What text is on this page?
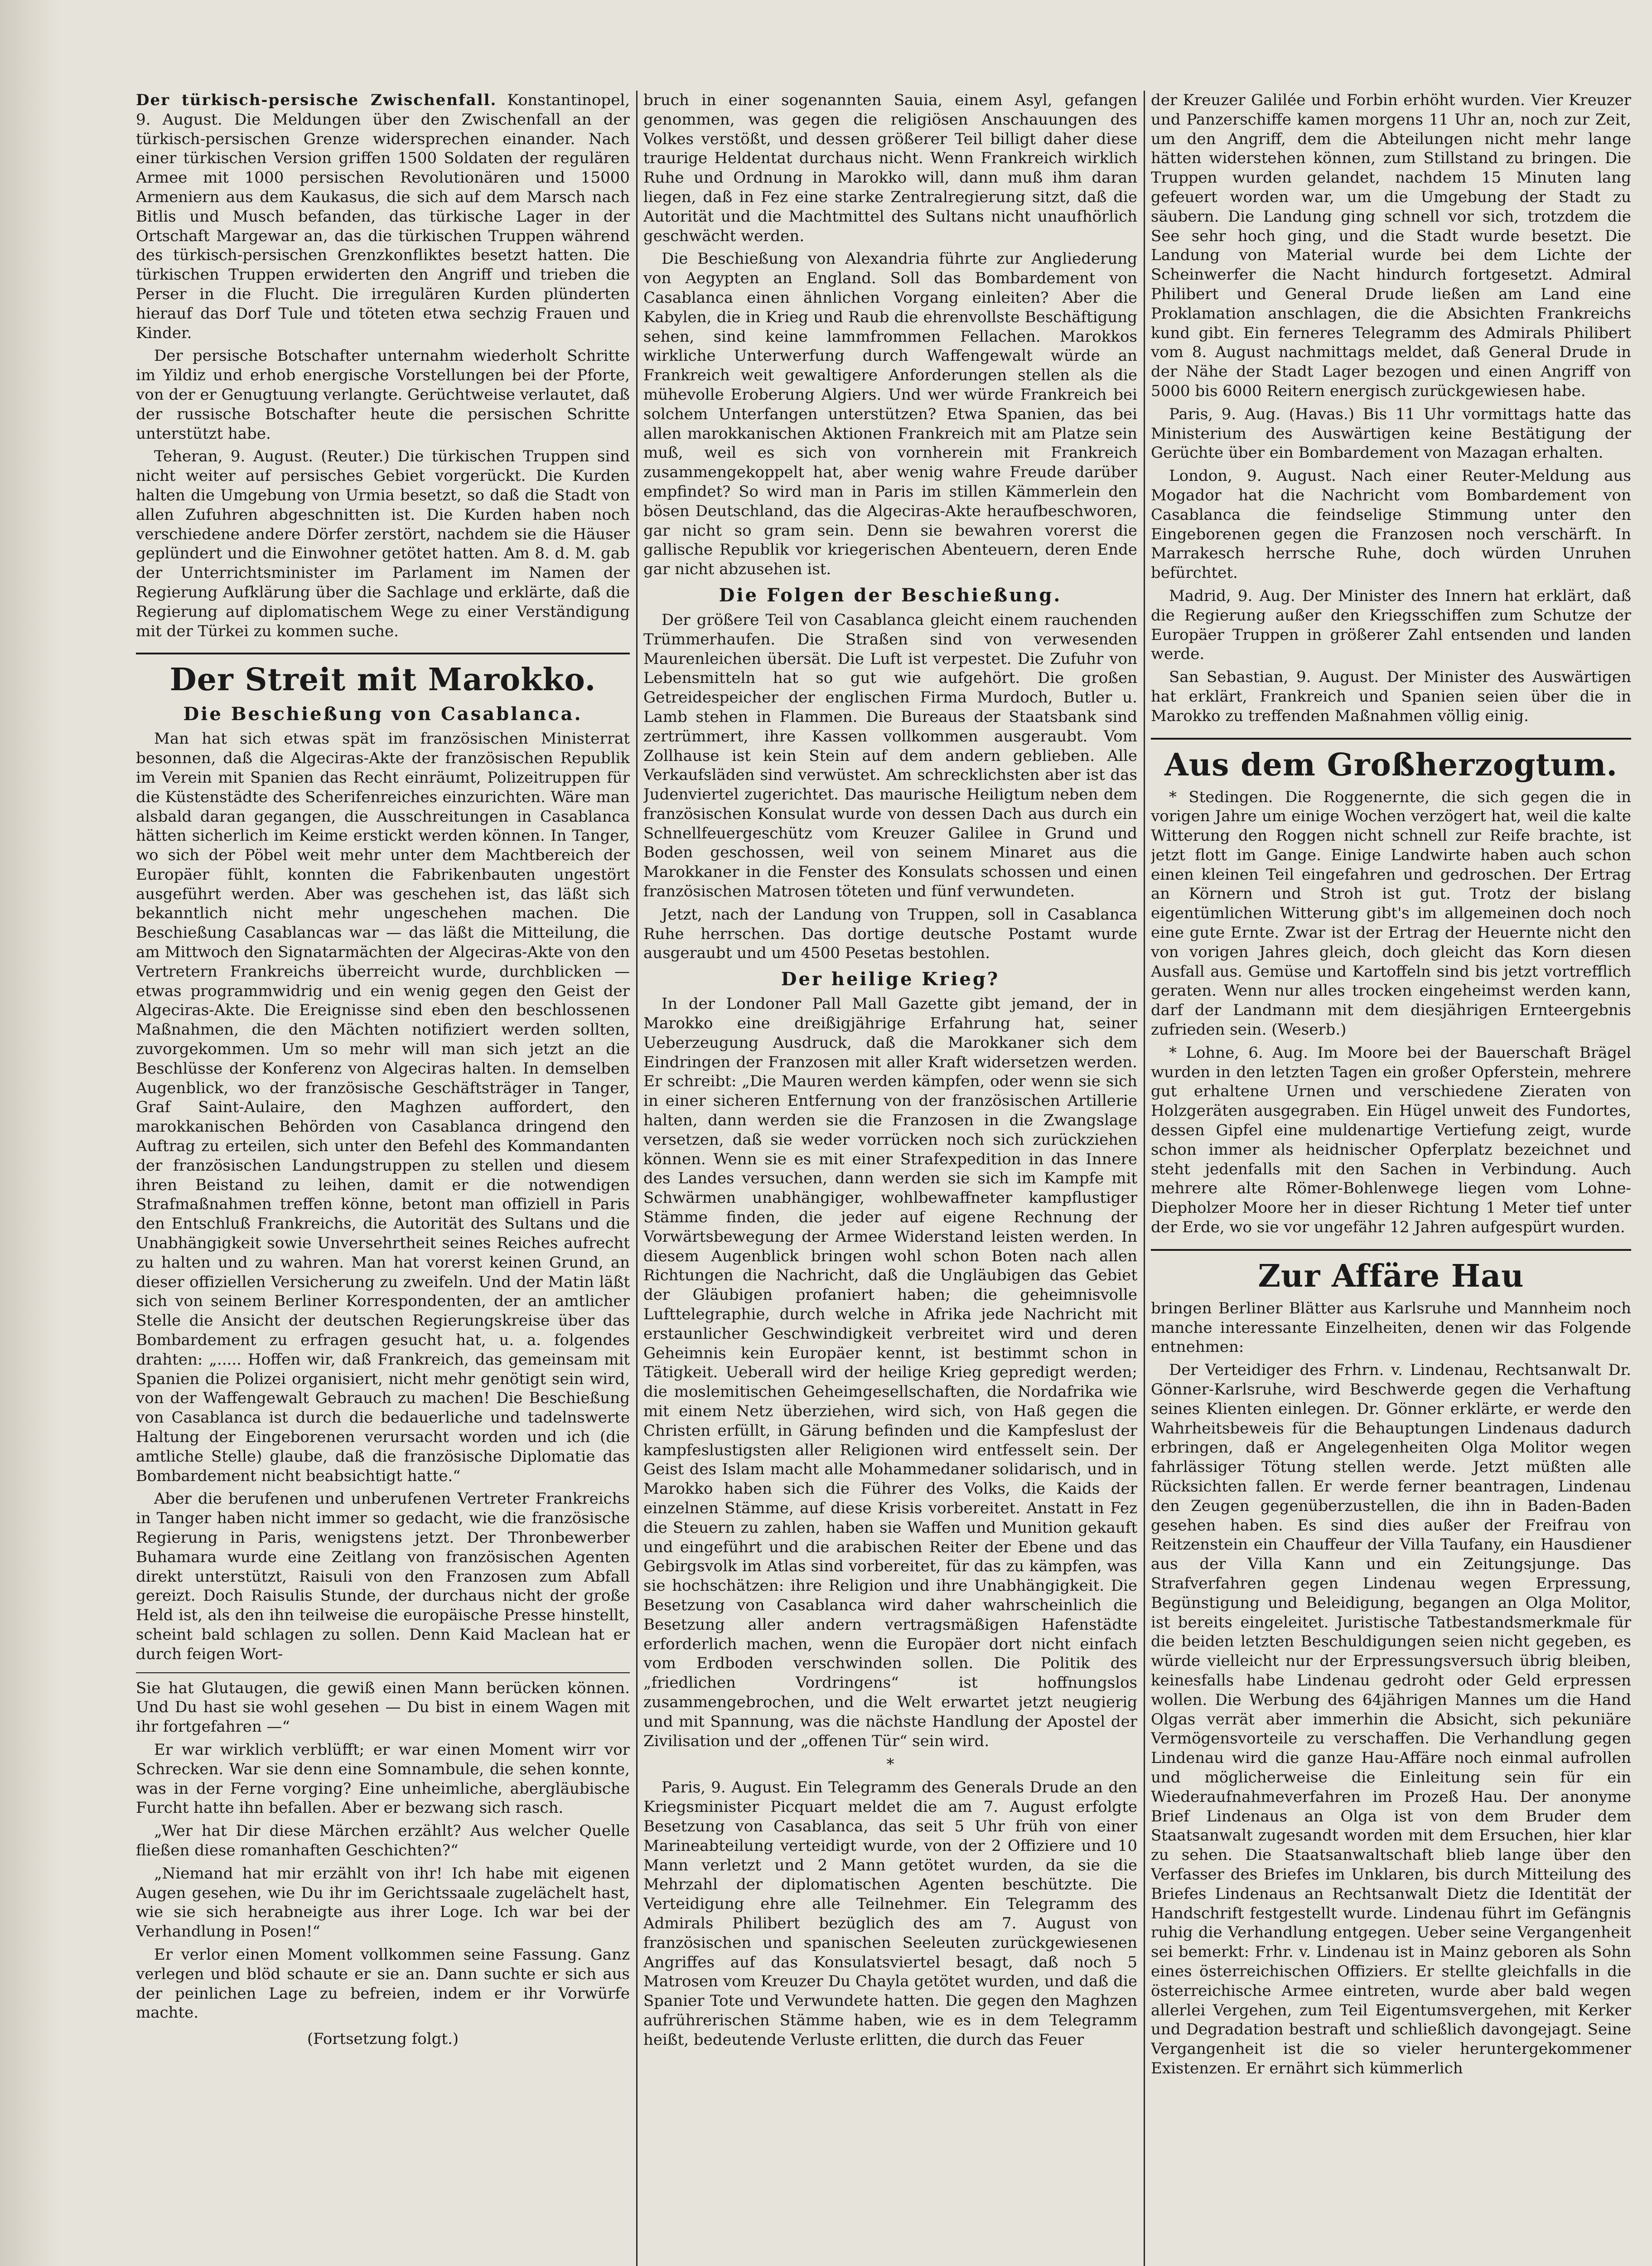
Der türkisch-persische Zwischenfall. Konstantinopel, 9. August. Die Meldungen über den Zwischenfall an der türkisch-persischen Grenze widersprechen einander. Nach einer türkischen Version griffen 1500 Soldaten der regulären Armee mit 1000 persischen Revolutionären und 15000 Armeniern aus dem Kaukasus, die sich auf dem Marsch nach Bitlis und Musch befanden, das türkische Lager in der Ortschaft Margewar an, das die türkischen Truppen während des türkisch-persischen Grenzkonfliktes besetzt hatten. Die türkischen Truppen erwiderten den Angriff und trieben die Perser in die Flucht. Die irregulären Kurden plünderten hierauf das Dorf Tule und töteten etwa sechzig Frauen und Kinder.

Der persische Botschafter unternahm wiederholt Schritte im Yildiz und erhob energische Vorstellungen bei der Pforte, von der er Genugtuung verlangte. Gerüchtweise verlautet, daß der russische Botschafter heute die persischen Schritte unterstützt habe.

Teheran, 9. August. (Reuter.) Die türkischen Truppen sind nicht weiter auf persisches Gebiet vorgerückt. Die Kurden halten die Umgebung von Urmia besetzt, so daß die Stadt von allen Zufuhren abgeschnitten ist. Die Kurden haben noch verschiedene andere Dörfer zerstört, nachdem sie die Häuser geplündert und die Einwohner getötet hatten. Am 8. d. M. gab der Unterrichtsminister im Parlament im Namen der Regierung Aufklärung über die Sachlage und erklärte, daß die Regierung auf diplomatischem Wege zu einer Verständigung mit der Türkei zu kommen suche.

Der Streit mit Marokko.
Die Beschießung von Casablanca.

Man hat sich etwas spät im französischen Ministerrat besonnen, daß die Algeciras-Akte der französischen Republik im Verein mit Spanien das Recht einräumt, Polizeitruppen für die Küstenstädte des Scherifenreiches einzurichten. Wäre man alsbald daran gegangen, die Ausschreitungen in Casablanca hätten sicherlich im Keime erstickt werden können. In Tanger, wo sich der Pöbel weit mehr unter dem Machtbereich der Europäer fühlt, konnten die Fabrikenbauten ungestört ausgeführt werden. Aber was geschehen ist, das läßt sich bekanntlich nicht mehr ungeschehen machen. Die Beschießung Casablancas war — das läßt die Mitteilung, die am Mittwoch den Signatarmächten der Algeciras-Akte von den Vertretern Frankreichs überreicht wurde, durchblicken — etwas programmwidrig und ein wenig gegen den Geist der Algeciras-Akte. Die Ereignisse sind eben den beschlossenen Maßnahmen, die den Mächten notifiziert werden sollten, zuvorgekommen. Um so mehr will man sich jetzt an die Beschlüsse der Konferenz von Algeciras halten. In demselben Augenblick, wo der französische Geschäftsträger in Tanger, Graf Saint-Aulaire, den Maghzen auffordert, den marokkanischen Behörden von Casablanca dringend den Auftrag zu erteilen, sich unter den Befehl des Kommandanten der französischen Landungstruppen zu stellen und diesem ihren Beistand zu leihen, damit er die notwendigen Strafmaßnahmen treffen könne, betont man offiziell in Paris den Entschluß Frankreichs, die Autorität des Sultans und die Unabhängigkeit sowie Unversehrtheit seines Reiches aufrecht zu halten und zu wahren. Man hat vorerst keinen Grund, an dieser offiziellen Versicherung zu zweifeln. Und der Matin läßt sich von seinem Berliner Korrespondenten, der an amtlicher Stelle die Ansicht der deutschen Regierungskreise über das Bombardement zu erfragen gesucht hat, u. a. folgendes drahten: „..... Hoffen wir, daß Frankreich, das gemeinsam mit Spanien die Polizei organisiert, nicht mehr genötigt sein wird, von der Waffengewalt Gebrauch zu machen! Die Beschießung von Casablanca ist durch die bedauerliche und tadelnswerte Haltung der Eingeborenen verursacht worden und ich (die amtliche Stelle) glaube, daß die französische Diplomatie das Bombardement nicht beabsichtigt hatte.“

Aber die berufenen und unberufenen Vertreter Frankreichs in Tanger haben nicht immer so gedacht, wie die französische Regierung in Paris, wenigstens jetzt. Der Thronbewerber Buhamara wurde eine Zeitlang von französischen Agenten direkt unterstützt, Raisuli von den Franzosen zum Abfall gereizt. Doch Raisulis Stunde, der durchaus nicht der große Held ist, als den ihn teilweise die europäische Presse hinstellt, scheint bald schlagen zu sollen. Denn Kaid Maclean hat er durch feigen Wort-

Sie hat Glutaugen, die gewiß einen Mann berücken können. Und Du hast sie wohl gesehen — Du bist in einem Wagen mit ihr fortgefahren —“

Er war wirklich verblüfft; er war einen Moment wirr vor Schrecken. War sie denn eine Somnambule, die sehen konnte, was in der Ferne vorging? Eine unheimliche, abergläubische Furcht hatte ihn befallen. Aber er bezwang sich rasch.

„Wer hat Dir diese Märchen erzählt? Aus welcher Quelle fließen diese romanhaften Geschichten?“

„Niemand hat mir erzählt von ihr! Ich habe mit eigenen Augen gesehen, wie Du ihr im Gerichtssaale zugelächelt hast, wie sie sich herabneigte aus ihrer Loge. Ich war bei der Verhandlung in Posen!“

Er verlor einen Moment vollkommen seine Fassung. Ganz verlegen und blöd schaute er sie an. Dann suchte er sich aus der peinlichen Lage zu befreien, indem er ihr Vorwürfe machte.

(Fortsetzung folgt.)

bruch in einer sogenannten Sauia, einem Asyl, gefangen genommen, was gegen die religiösen Anschauungen des Volkes verstößt, und dessen größerer Teil billigt daher diese traurige Heldentat durchaus nicht. Wenn Frankreich wirklich Ruhe und Ordnung in Marokko will, dann muß ihm daran liegen, daß in Fez eine starke Zentralregierung sitzt, daß die Autorität und die Machtmittel des Sultans nicht unaufhörlich geschwächt werden.

Die Beschießung von Alexandria führte zur Angliederung von Aegypten an England. Soll das Bombardement von Casablanca einen ähnlichen Vorgang einleiten? Aber die Kabylen, die in Krieg und Raub die ehrenvollste Beschäftigung sehen, sind keine lammfrommen Fellachen. Marokkos wirkliche Unterwerfung durch Waffengewalt würde an Frankreich weit gewaltigere Anforderungen stellen als die mühevolle Eroberung Algiers. Und wer würde Frankreich bei solchem Unterfangen unterstützen? Etwa Spanien, das bei allen marokkanischen Aktionen Frankreich mit am Platze sein muß, weil es sich von vornherein mit Frankreich zusammengekoppelt hat, aber wenig wahre Freude darüber empfindet? So wird man in Paris im stillen Kämmerlein den bösen Deutschland, das die Algeciras-Akte heraufbeschworen, gar nicht so gram sein. Denn sie bewahren vorerst die gallische Republik vor kriegerischen Abenteuern, deren Ende gar nicht abzusehen ist.

Die Folgen der Beschießung.

Der größere Teil von Casablanca gleicht einem rauchenden Trümmerhaufen. Die Straßen sind von verwesenden Maurenleichen übersät. Die Luft ist verpestet. Die Zufuhr von Lebensmitteln hat so gut wie aufgehört. Die großen Getreidespeicher der englischen Firma Murdoch, Butler u. Lamb stehen in Flammen. Die Bureaus der Staatsbank sind zertrümmert, ihre Kassen vollkommen ausgeraubt. Vom Zollhause ist kein Stein auf dem andern geblieben. Alle Verkaufsläden sind verwüstet. Am schrecklichsten aber ist das Judenviertel zugerichtet. Das maurische Heiligtum neben dem französischen Konsulat wurde von dessen Dach aus durch ein Schnellfeuergeschütz vom Kreuzer Galilee in Grund und Boden geschossen, weil von seinem Minaret aus die Marokkaner in die Fenster des Konsulats schossen und einen französischen Matrosen töteten und fünf verwundeten.

Jetzt, nach der Landung von Truppen, soll in Casablanca Ruhe herrschen. Das dortige deutsche Postamt wurde ausgeraubt und um 4500 Pesetas bestohlen.

Der heilige Krieg?

In der Londoner Pall Mall Gazette gibt jemand, der in Marokko eine dreißigjährige Erfahrung hat, seiner Ueberzeugung Ausdruck, daß die Marokkaner sich dem Eindringen der Franzosen mit aller Kraft widersetzen werden. Er schreibt: „Die Mauren werden kämpfen, oder wenn sie sich in einer sicheren Entfernung von der französischen Artillerie halten, dann werden sie die Franzosen in die Zwangslage versetzen, daß sie weder vorrücken noch sich zurückziehen können. Wenn sie es mit einer Strafexpedition in das Innere des Landes versuchen, dann werden sie sich im Kampfe mit Schwärmen unabhängiger, wohlbewaffneter kampflustiger Stämme finden, die jeder auf eigene Rechnung der Vorwärtsbewegung der Armee Widerstand leisten werden. In diesem Augenblick bringen wohl schon Boten nach allen Richtungen die Nachricht, daß die Ungläubigen das Gebiet der Gläubigen profaniert haben; die geheimnisvolle Lufttelegraphie, durch welche in Afrika jede Nachricht mit erstaunlicher Geschwindigkeit verbreitet wird und deren Geheimnis kein Europäer kennt, ist bestimmt schon in Tätigkeit. Ueberall wird der heilige Krieg gepredigt werden; die moslemitischen Geheimgesellschaften, die Nordafrika wie mit einem Netz überziehen, wird sich, von Haß gegen die Christen erfüllt, in Gärung befinden und die Kampfeslust der kampfeslustigsten aller Religionen wird entfesselt sein. Der Geist des Islam macht alle Mohammedaner solidarisch, und in Marokko haben sich die Führer des Volks, die Kaids der einzelnen Stämme, auf diese Krisis vorbereitet. Anstatt in Fez die Steuern zu zahlen, haben sie Waffen und Munition gekauft und eingeführt und die arabischen Reiter der Ebene und das Gebirgsvolk im Atlas sind vorbereitet, für das zu kämpfen, was sie hochschätzen: ihre Religion und ihre Unabhängigkeit. Die Besetzung von Casablanca wird daher wahrscheinlich die Besetzung aller andern vertragsmäßigen Hafenstädte erforderlich machen, wenn die Europäer dort nicht einfach vom Erdboden verschwinden sollen. Die Politik des „friedlichen Vordringens“ ist hoffnungslos zusammengebrochen, und die Welt erwartet jetzt neugierig und mit Spannung, was die nächste Handlung der Apostel der Zivilisation und der „offenen Tür“ sein wird.

*

Paris, 9. August. Ein Telegramm des Generals Drude an den Kriegsminister Picquart meldet die am 7. August erfolgte Besetzung von Casablanca, das seit 5 Uhr früh von einer Marineabteilung verteidigt wurde, von der 2 Offiziere und 10 Mann verletzt und 2 Mann getötet wurden, da sie die Mehrzahl der diplomatischen Agenten beschützte. Die Verteidigung ehre alle Teilnehmer. Ein Telegramm des Admirals Philibert bezüglich des am 7. August von französischen und spanischen Seeleuten zurückgewiesenen Angriffes auf das Konsulatsviertel besagt, daß noch 5 Matrosen vom Kreuzer Du Chayla getötet wurden, und daß die Spanier Tote und Verwundete hatten. Die gegen den Maghzen aufrührerischen Stämme haben, wie es in dem Telegramm heißt, bedeutende Verluste erlitten, die durch das Feuer

der Kreuzer Galilée und Forbin erhöht wurden. Vier Kreuzer und Panzerschiffe kamen morgens 11 Uhr an, noch zur Zeit, um den Angriff, dem die Abteilungen nicht mehr lange hätten widerstehen können, zum Stillstand zu bringen. Die Truppen wurden gelandet, nachdem 15 Minuten lang gefeuert worden war, um die Umgebung der Stadt zu säubern. Die Landung ging schnell vor sich, trotzdem die See sehr hoch ging, und die Stadt wurde besetzt. Die Landung von Material wurde bei dem Lichte der Scheinwerfer die Nacht hindurch fortgesetzt. Admiral Philibert und General Drude ließen am Land eine Proklamation anschlagen, die die Absichten Frankreichs kund gibt. Ein ferneres Telegramm des Admirals Philibert vom 8. August nachmittags meldet, daß General Drude in der Nähe der Stadt Lager bezogen und einen Angriff von 5000 bis 6000 Reitern energisch zurückgewiesen habe.

Paris, 9. Aug. (Havas.) Bis 11 Uhr vormittags hatte das Ministerium des Auswärtigen keine Bestätigung der Gerüchte über ein Bombardement von Mazagan erhalten.

London, 9. August. Nach einer Reuter-Meldung aus Mogador hat die Nachricht vom Bombardement von Casablanca die feindselige Stimmung unter den Eingeborenen gegen die Franzosen noch verschärft. In Marrakesch herrsche Ruhe, doch würden Unruhen befürchtet.

Madrid, 9. Aug. Der Minister des Innern hat erklärt, daß die Regierung außer den Kriegsschiffen zum Schutze der Europäer Truppen in größerer Zahl entsenden und landen werde.

San Sebastian, 9. August. Der Minister des Auswärtigen hat erklärt, Frankreich und Spanien seien über die in Marokko zu treffenden Maßnahmen völlig einig.

Aus dem Großherzogtum.

* Stedingen. Die Roggenernte, die sich gegen die in vorigen Jahre um einige Wochen verzögert hat, weil die kalte Witterung den Roggen nicht schnell zur Reife brachte, ist jetzt flott im Gange. Einige Landwirte haben auch schon einen kleinen Teil eingefahren und gedroschen. Der Ertrag an Körnern und Stroh ist gut. Trotz der bislang eigentümlichen Witterung gibt's im allgemeinen doch noch eine gute Ernte. Zwar ist der Ertrag der Heuernte nicht den von vorigen Jahres gleich, doch gleicht das Korn diesen Ausfall aus. Gemüse und Kartoffeln sind bis jetzt vortrefflich geraten. Wenn nur alles trocken eingeheimst werden kann, darf der Landmann mit dem diesjährigen Ernteergebnis zufrieden sein. (Weserb.)

* Lohne, 6. Aug. Im Moore bei der Bauerschaft Brägel wurden in den letzten Tagen ein großer Opferstein, mehrere gut erhaltene Urnen und verschiedene Zieraten von Holzgeräten ausgegraben. Ein Hügel unweit des Fundortes, dessen Gipfel eine muldenartige Vertiefung zeigt, wurde schon immer als heidnischer Opferplatz bezeichnet und steht jedenfalls mit den Sachen in Verbindung. Auch mehrere alte Römer-Bohlenwege liegen vom Lohne-Diepholzer Moore her in dieser Richtung 1 Meter tief unter der Erde, wo sie vor ungefähr 12 Jahren aufgespürt wurden.

Zur Affäre Hau

bringen Berliner Blätter aus Karlsruhe und Mannheim noch manche interessante Einzelheiten, denen wir das Folgende entnehmen:

Der Verteidiger des Frhrn. v. Lindenau, Rechtsanwalt Dr. Gönner-Karlsruhe, wird Beschwerde gegen die Verhaftung seines Klienten einlegen. Dr. Gönner erklärte, er werde den Wahrheitsbeweis für die Behauptungen Lindenaus dadurch erbringen, daß er Angelegenheiten Olga Molitor wegen fahrlässiger Tötung stellen werde. Jetzt müßten alle Rücksichten fallen. Er werde ferner beantragen, Lindenau den Zeugen gegenüberzustellen, die ihn in Baden-Baden gesehen haben. Es sind dies außer der Freifrau von Reitzenstein ein Chauffeur der Villa Taufany, ein Hausdiener aus der Villa Kann und ein Zeitungsjunge. Das Strafverfahren gegen Lindenau wegen Erpressung, Begünstigung und Beleidigung, begangen an Olga Molitor, ist bereits eingeleitet. Juristische Tatbestandsmerkmale für die beiden letzten Beschuldigungen seien nicht gegeben, es würde vielleicht nur der Erpressungsversuch übrig bleiben, keinesfalls habe Lindenau gedroht oder Geld erpressen wollen. Die Werbung des 64jährigen Mannes um die Hand Olgas verrät aber immerhin die Absicht, sich pekuniäre Vermögensvorteile zu verschaffen. Die Verhandlung gegen Lindenau wird die ganze Hau-Affäre noch einmal aufrollen und möglicherweise die Einleitung sein für ein Wiederaufnahmeverfahren im Prozeß Hau. Der anonyme Brief Lindenaus an Olga ist von dem Bruder dem Staatsanwalt zugesandt worden mit dem Ersuchen, hier klar zu sehen. Die Staatsanwaltschaft blieb lange über den Verfasser des Briefes im Unklaren, bis durch Mitteilung des Briefes Lindenaus an Rechtsanwalt Dietz die Identität der Handschrift festgestellt wurde. Lindenau führt im Gefängnis ruhig die Verhandlung entgegen. Ueber seine Vergangenheit sei bemerkt: Frhr. v. Lindenau ist in Mainz geboren als Sohn eines österreichischen Offiziers. Er stellte gleichfalls in die österreichische Armee eintreten, wurde aber bald wegen allerlei Vergehen, zum Teil Eigentumsvergehen, mit Kerker und Degradation bestraft und schließlich davongejagt. Seine Vergangenheit ist die so vieler heruntergekommener Existenzen. Er ernährt sich kümmerlich
